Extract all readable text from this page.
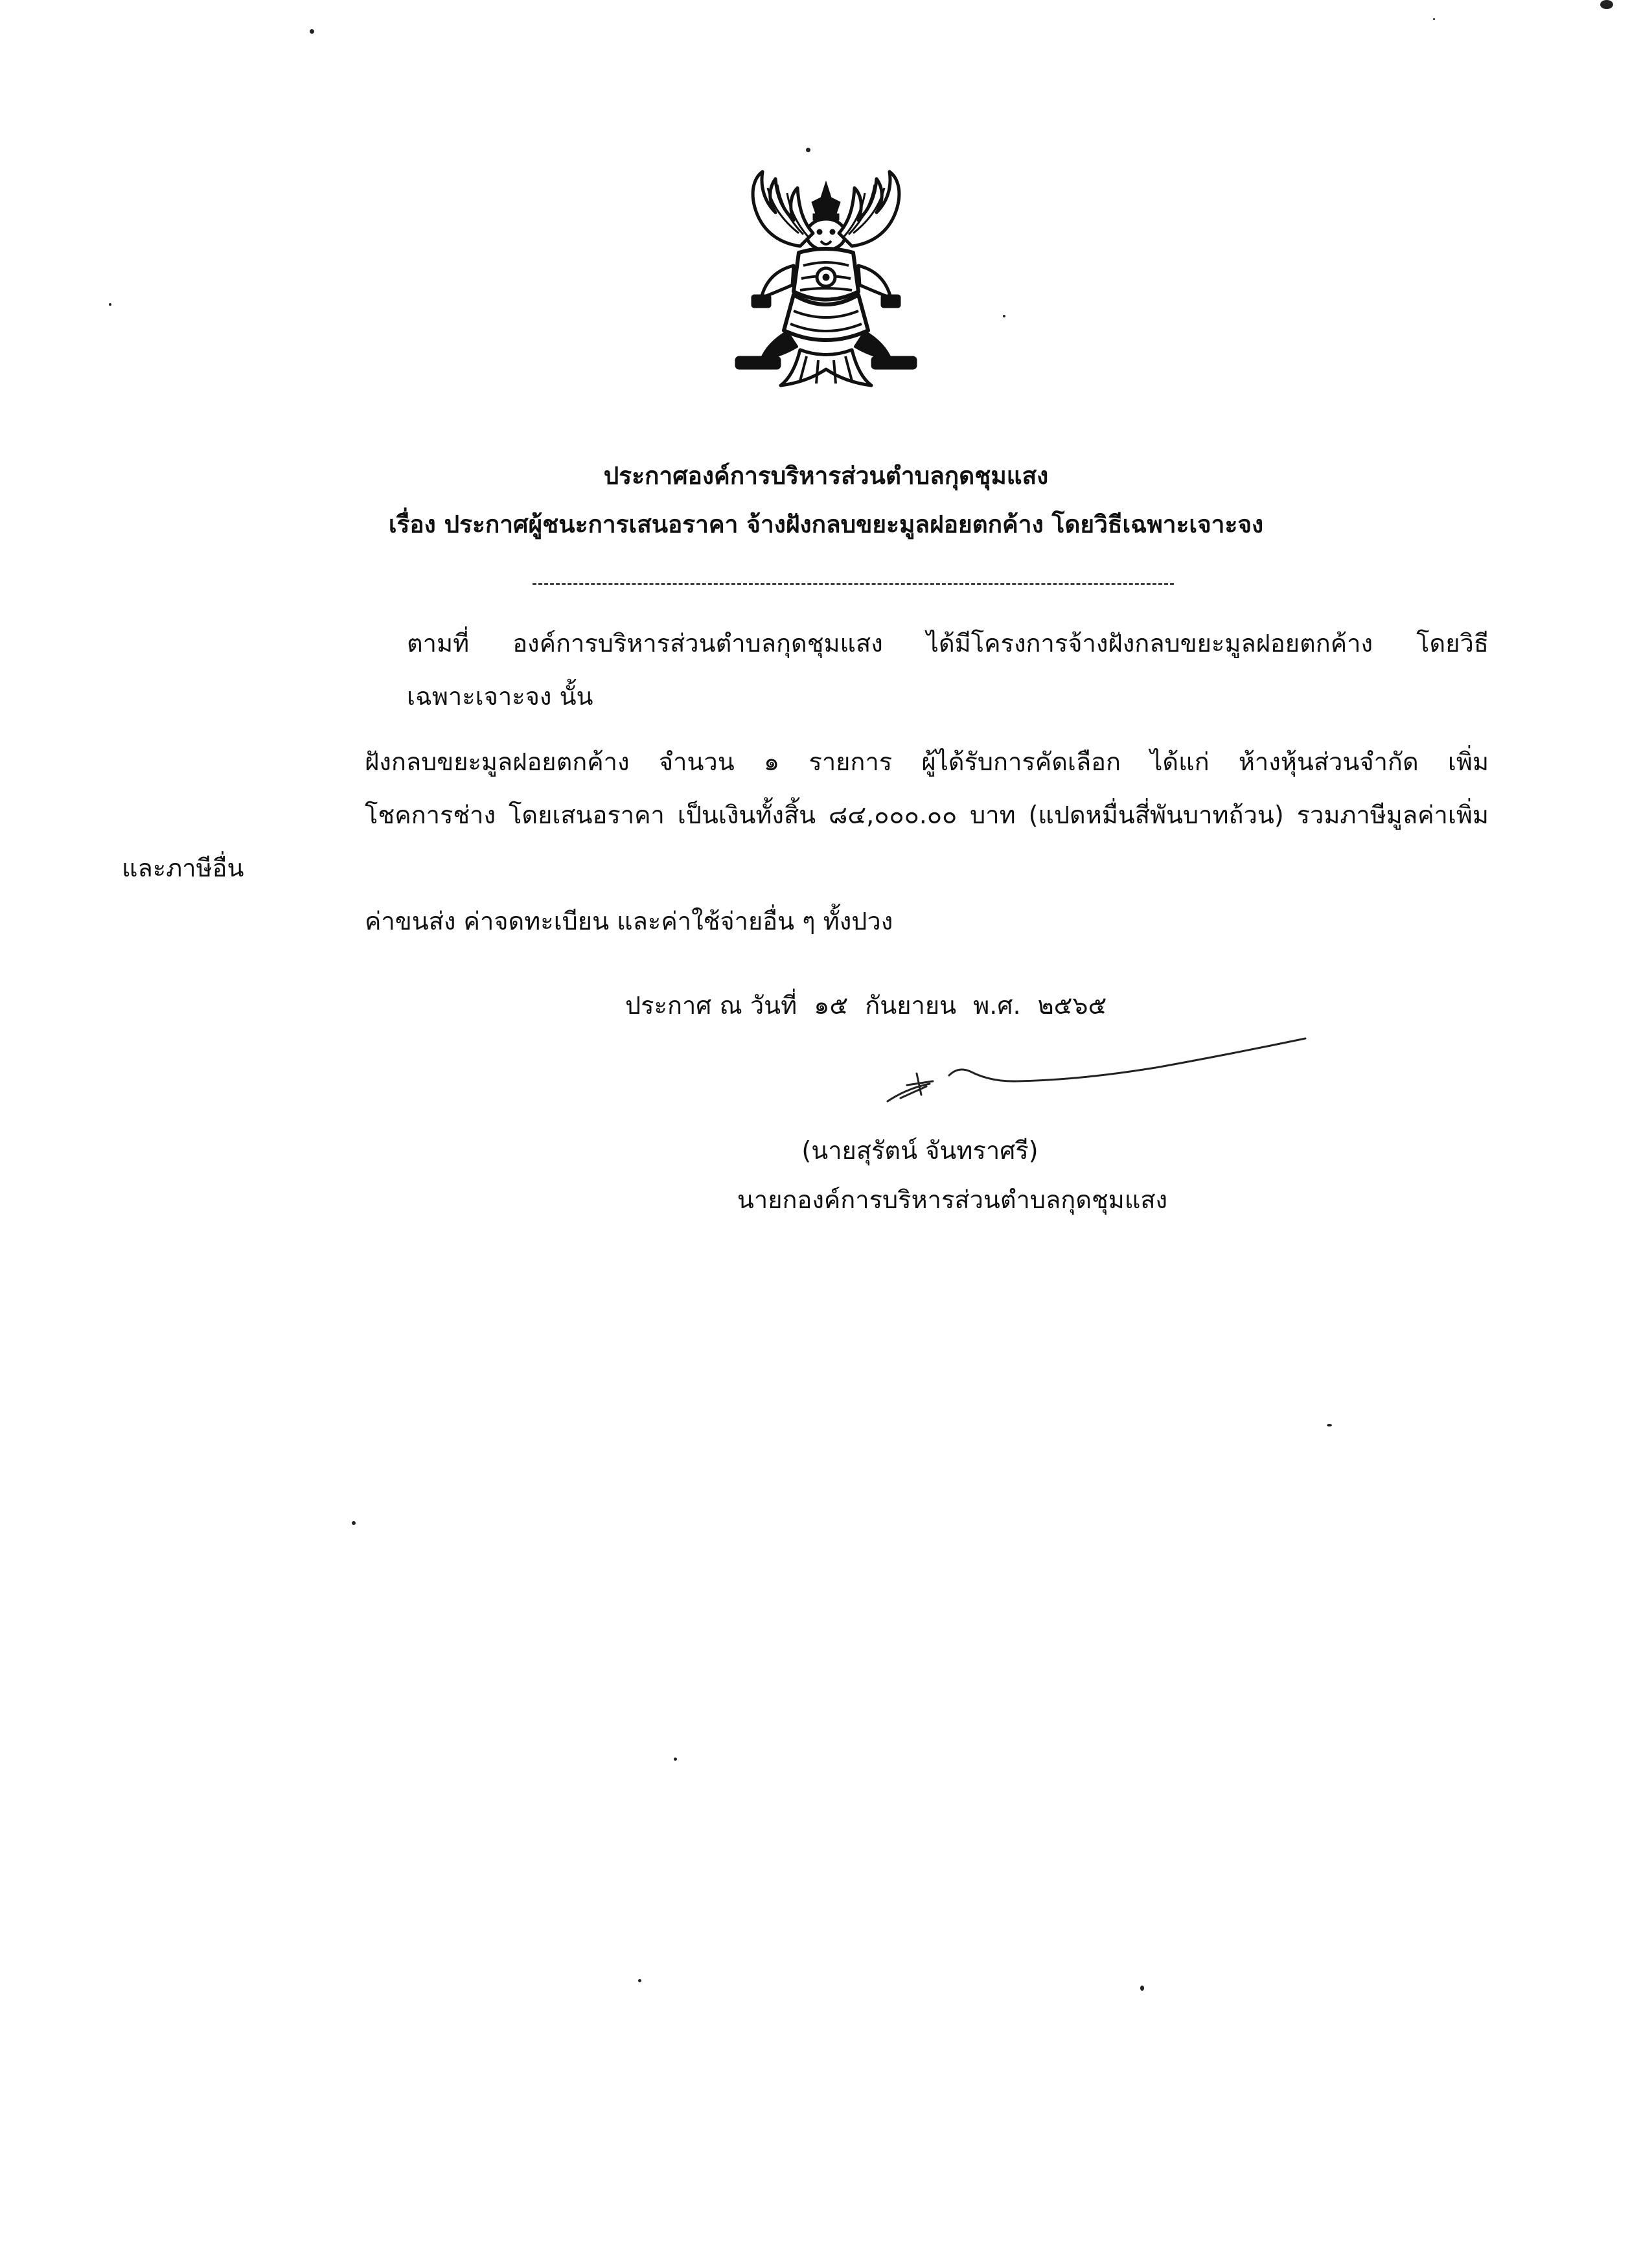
ประกาศองค์การบริหารส่วนตำบลกุดชุมแสง
เรื่อง ประกาศผู้ชนะการเสนอราคา จ้างฝังกลบขยะมูลฝอยตกค้าง โดยวิธีเฉพาะเจาะจง
ตามที่ องค์การบริหารส่วนตำบลกุดชุมแสง ได้มีโครงการจ้างฝังกลบขยะมูลฝอยตกค้าง โดยวิธี
เฉพาะเจาะจง นั้น
ฝังกลบขยะมูลฝอยตกค้าง จำนวน ๑ รายการ ผู้ได้รับการคัดเลือก ได้แก่ ห้างหุ้นส่วนจำกัด เพิ่ม
โชคการช่าง โดยเสนอราคา เป็นเงินทั้งสิ้น ๘๔,๐๐๐.๐๐ บาท (แปดหมื่นสี่พันบาทถ้วน) รวมภาษีมูลค่าเพิ่มและภาษีอื่น
ค่าขนส่ง ค่าจดทะเบียน และค่าใช้จ่ายอื่น ๆ ทั้งปวง
ประกาศ ณ วันที่ ๑๕ กันยายน พ.ศ. ๒๕๖๕
(นายสุรัตน์ จันทราศรี)
นายกองค์การบริหารส่วนตำบลกุดชุมแสง
